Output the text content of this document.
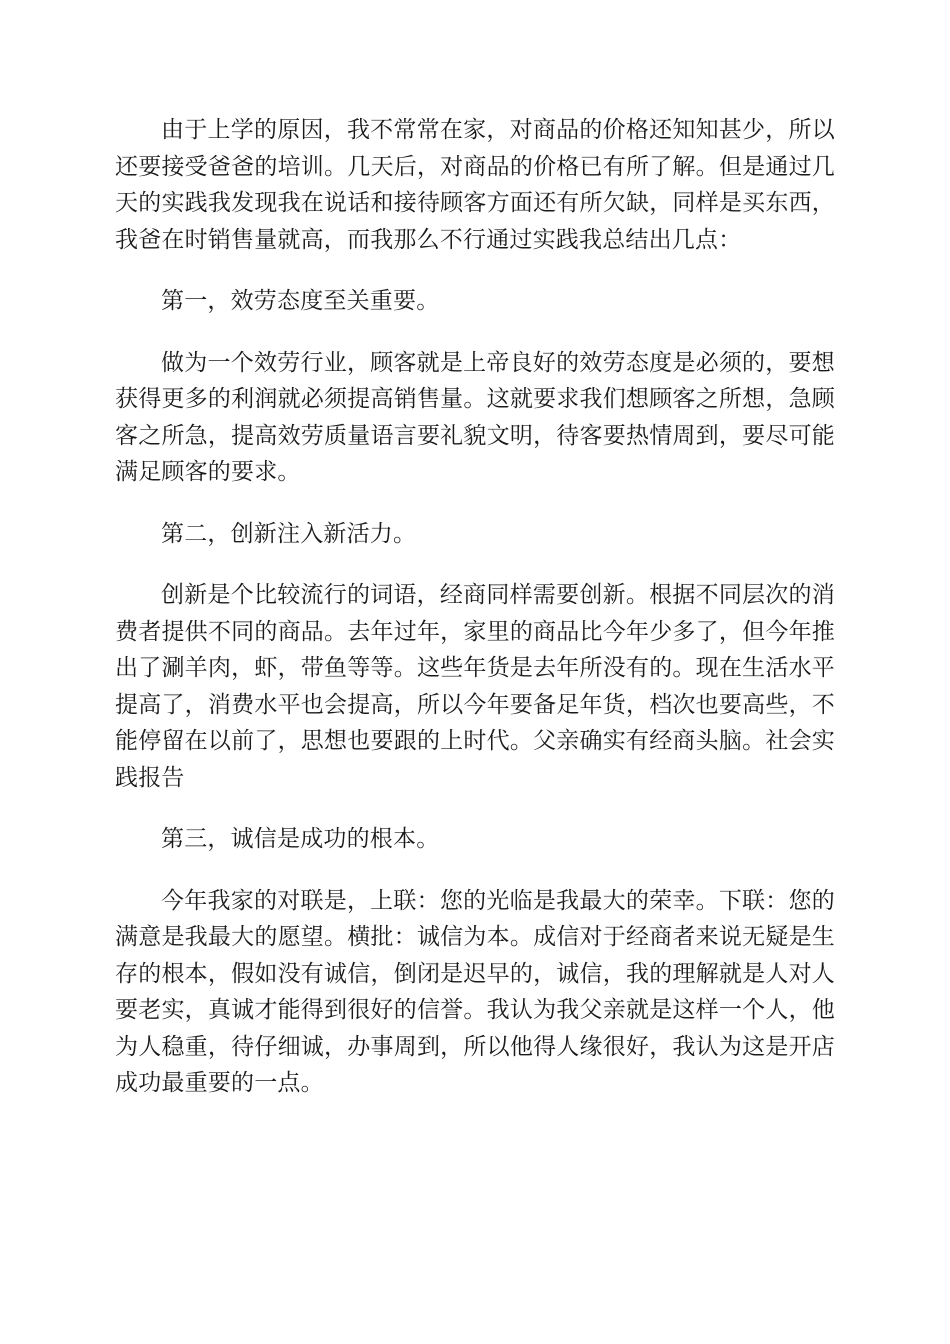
由于上学的原因，我不常常在家，对商品的价格还知知甚少，所以还要接受爸爸的培训。几天后，对商品的价格已有所了解。但是通过几天的实践我发现我在说话和接待顾客方面还有所欠缺，同样是买东西，我爸在时销售量就高，而我那么不行通过实践我总结出几点：

第一，效劳态度至关重要。

做为一个效劳行业，顾客就是上帝良好的效劳态度是必须的，要想获得更多的利润就必须提高销售量。这就要求我们想顾客之所想，急顾客之所急，提高效劳质量语言要礼貌文明，待客要热情周到，要尽可能满足顾客的要求。

第二，创新注入新活力。

创新是个比较流行的词语，经商同样需要创新。根据不同层次的消费者提供不同的商品。去年过年，家里的商品比今年少多了，但今年推出了涮羊肉，虾，带鱼等等。这些年货是去年所没有的。现在生活水平提高了，消费水平也会提高，所以今年要备足年货，档次也要高些，不能停留在以前了，思想也要跟的上时代。父亲确实有经商头脑。社会实践报告

第三，诚信是成功的根本。

今年我家的对联是，上联：您的光临是我最大的荣幸。下联：您的满意是我最大的愿望。横批：诚信为本。成信对于经商者来说无疑是生存的根本，假如没有诚信，倒闭是迟早的，诚信，我的理解就是人对人要老实，真诚才能得到很好的信誉。我认为我父亲就是这样一个人，他为人稳重，待仔细诚，办事周到，所以他得人缘很好，我认为这是开店成功最重要的一点。
